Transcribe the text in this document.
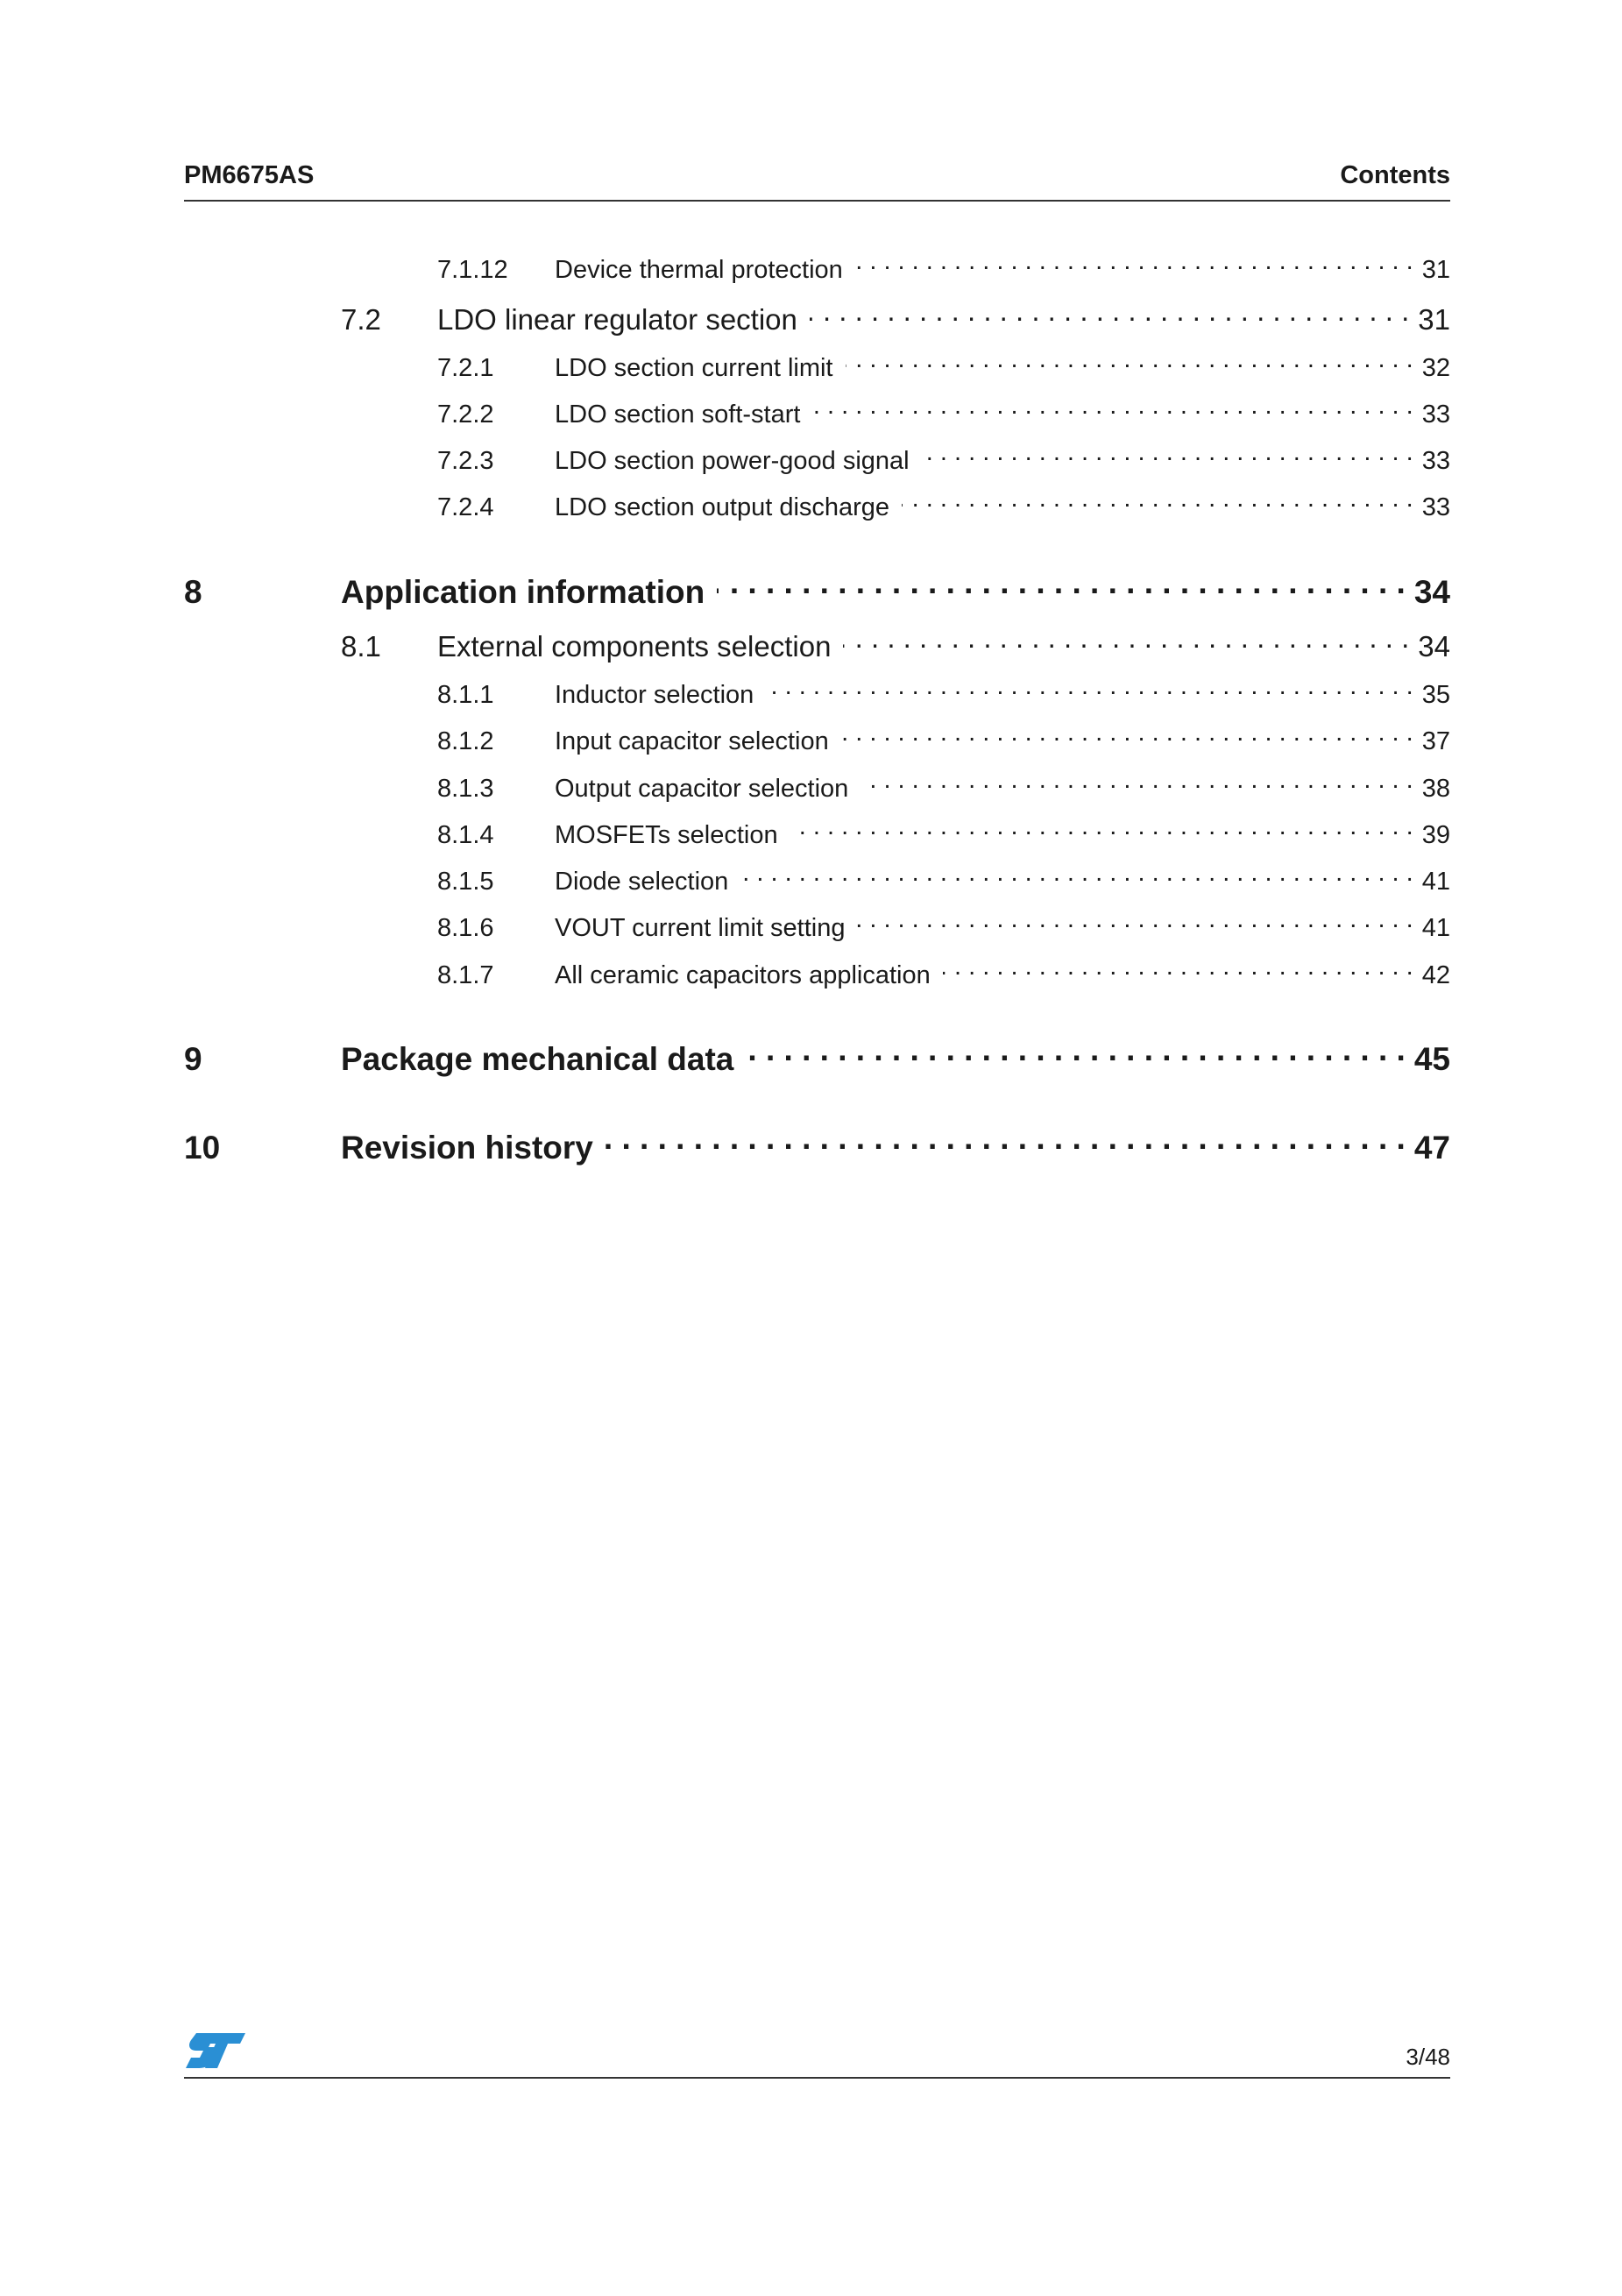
PM6675AS	Contents
7.1.12	Device thermal protection . . .	31
7.2	LDO linear regulator section . . .	31
7.2.1	LDO section current limit . . .	32
7.2.2	LDO section soft-start . . .	33
7.2.3	LDO section power-good signal . . .	33
7.2.4	LDO section output discharge . . .	33
8	Application information . . .	34
8.1	External components selection . . .	34
8.1.1	Inductor selection . . .	35
8.1.2	Input capacitor selection . . .	37
8.1.3	Output capacitor selection . . .	38
8.1.4	MOSFETs selection . . .	39
8.1.5	Diode selection . . .	41
8.1.6	VOUT current limit setting . . .	41
8.1.7	All ceramic capacitors application . . .	42
9	Package mechanical data . . .	45
10	Revision history . . .	47
3/48
